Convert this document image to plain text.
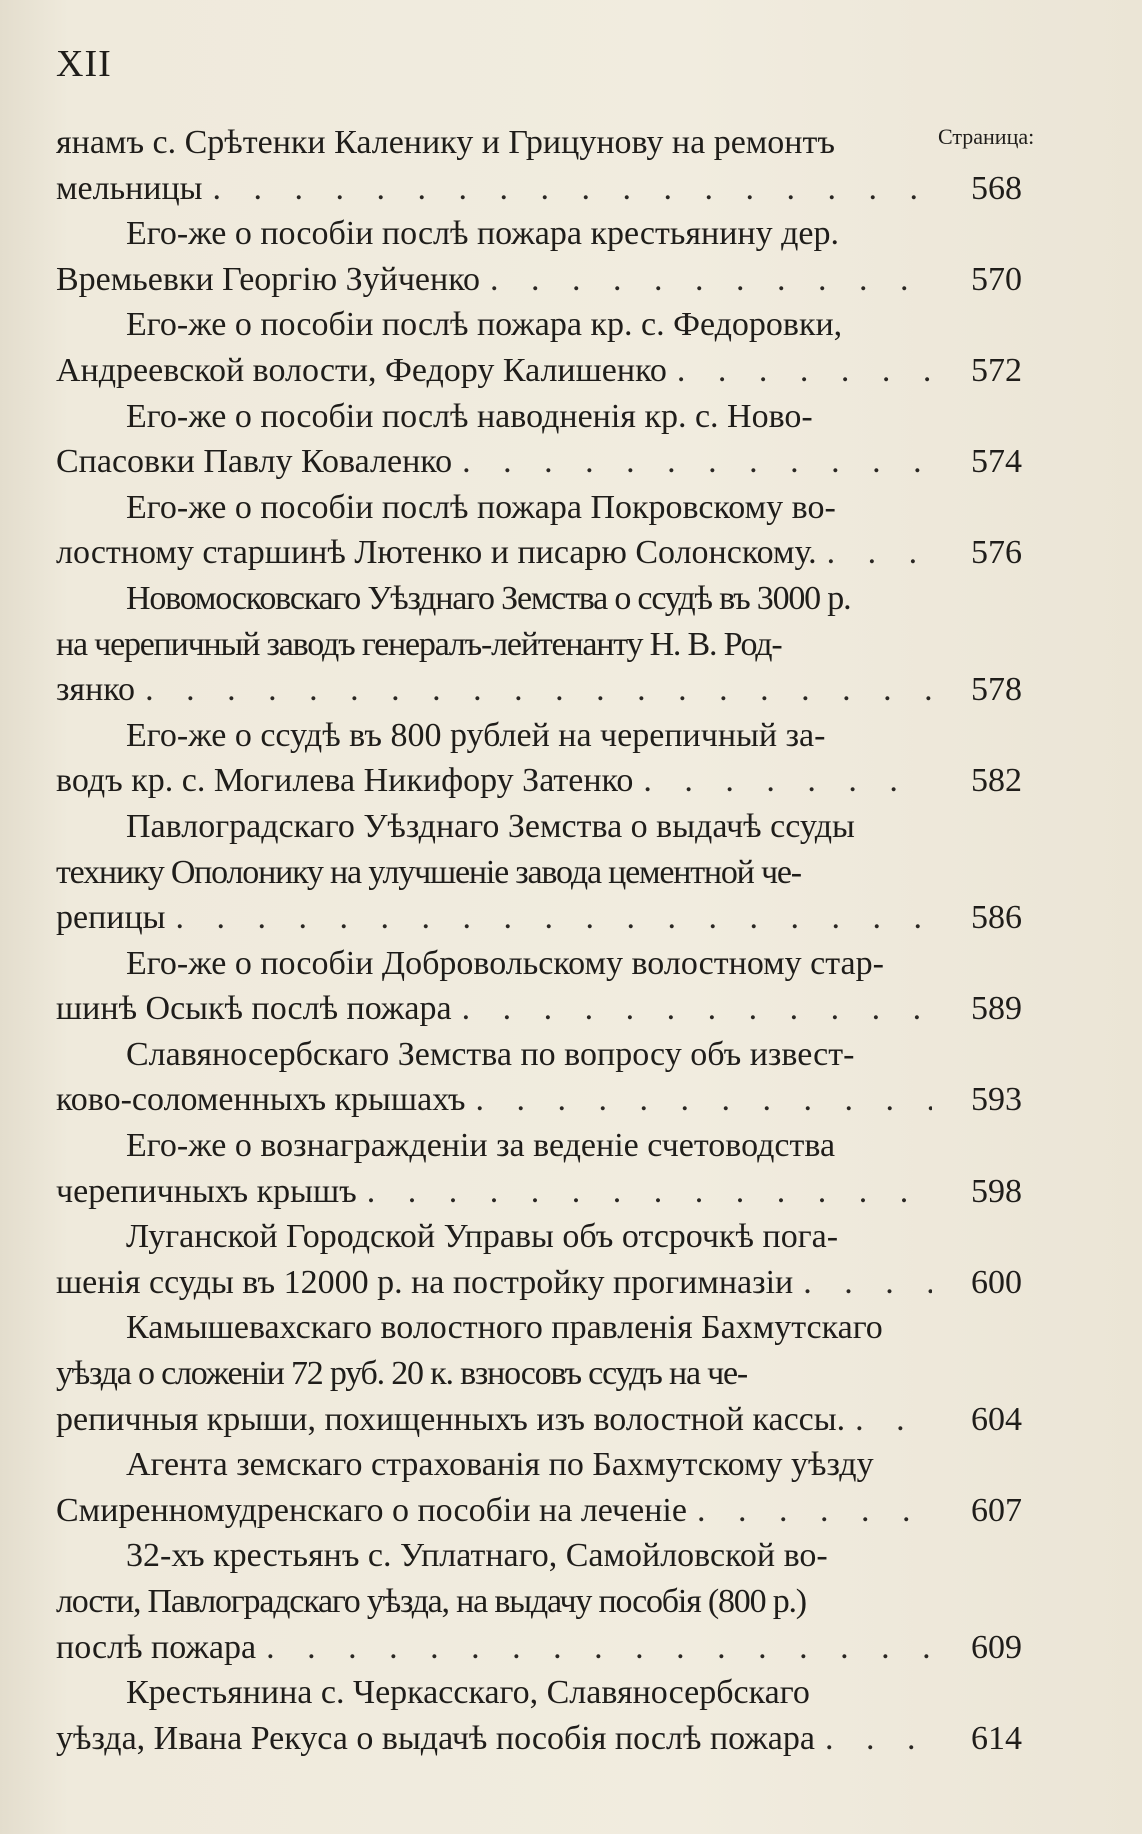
XII
Страница:
янамъ с. Срѣтенки Каленику и Грицунову на ремонтъ
мельницы . . .	568
Его-же о пособіи послѣ пожара крестьянину дер.
Времьевки Георгію Зуйченко . . .	570
Его-же о пособіи послѣ пожара кр. с. Федоровки,
Андреевской волости, Федору Калишенко . . .	572
Его-же о пособіи послѣ наводненія кр. с. Ново-
Спасовки Павлу Коваленко . . .	574
Его-же о пособіи послѣ пожара Покровскому во-
лостному старшинѣ Лютенко и писарю Солонскому. . . .	576
Новомосковскаго Уѣзднаго Земства о ссудѣ въ 3000 р.
на черепичный заводъ генералъ-лейтенанту Н. В. Род-
зянко . . .	578
Его-же о ссудѣ въ 800 рублей на черепичный за-
водъ кр. с. Могилева Никифору Затенко . . .	582
Павлоградскаго Уѣзднаго Земства о выдачѣ ссуды
технику Ополонику на улучшеніе завода цементной че-
репицы . . .	586
Его-же о пособіи Добровольскому волостному стар-
шинѣ Осыкѣ послѣ пожара . . .	589
Славяносербскаго Земства по вопросу объ извест-
ково-соломенныхъ крышахъ . . .	593
Его-же о вознагражденіи за веденіе счетоводства
черепичныхъ крышъ . . .	598
Луганской Городской Управы объ отсрочкѣ пога-
шенія ссуды въ 12000 р. на постройку прогимназіи . . .	600
Камышевахскаго волостного правленія Бахмутскаго
уѣзда о сложеніи 72 руб. 20 к. взносовъ ссудъ на че-
репичныя крыши, похищенныхъ изъ волостной кассы. . . .	604
Агента земскаго страхованія по Бахмутскому уѣзду
Смиренномудренскаго о пособіи на леченіе . . .	607
32-хъ крестьянъ с. Уплатнаго, Самойловской во-
лости, Павлоградскаго уѣзда, на выдачу пособія (800 р.)
послѣ пожара . . .	609
Крестьянина с. Черкасскаго, Славяносербскаго
уѣзда, Ивана Рекуса о выдачѣ пособія послѣ пожара . . .	614
